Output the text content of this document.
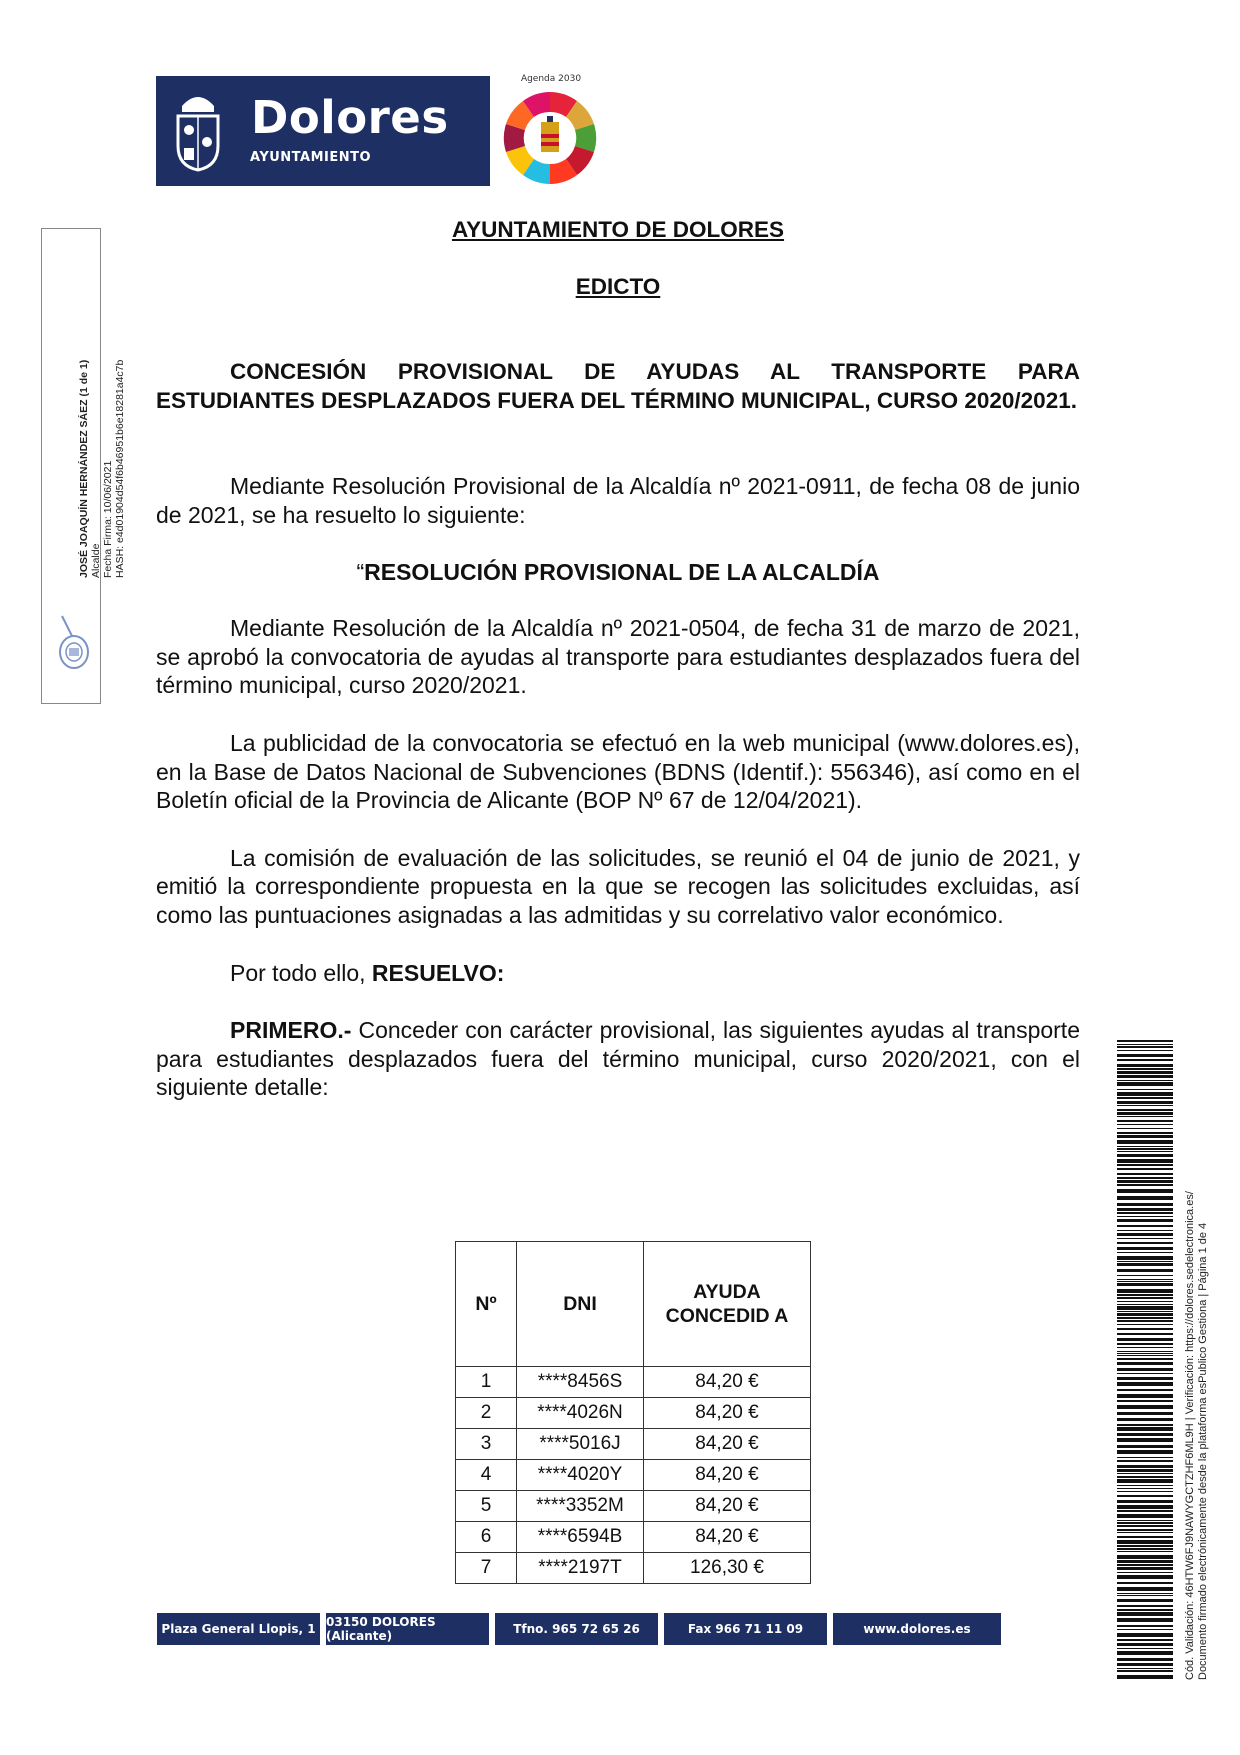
Dolores
AYUNTAMIENTO
Agenda 2030
JOSÉ JOAQUÍN HERNÁNDEZ SÁEZ (1 de 1) Alcalde Fecha Firma: 10/06/2021 HASH: e4d01904d54f6b46951b6e18281a4c7b
Cód. Validación: 46HTW6FJ9NAWYGCTZHF6ML9H | Verificación: https://dolores.sedelectronica.es/ Documento firmado electrónicamente desde la plataforma esPublico Gestiona | Página 1 de 4
AYUNTAMIENTO DE DOLORES
EDICTO
CONCESIÓN PROVISIONAL DE AYUDAS AL TRANSPORTE PARA ESTUDIANTES DESPLAZADOS FUERA DEL TÉRMINO MUNICIPAL, CURSO 2020/2021.

Mediante Resolución Provisional de la Alcaldía nº 2021-0911, de fecha 08 de junio de 2021, se ha resuelto lo siguiente:

“RESOLUCIÓN PROVISIONAL DE LA ALCALDÍA

Mediante Resolución de la Alcaldía nº 2021-0504, de fecha 31 de marzo de 2021, se aprobó la convocatoria de ayudas al transporte para estudiantes desplazados fuera del término municipal, curso 2020/2021.

La publicidad de la convocatoria se efectuó en la web municipal (www.dolores.es), en la Base de Datos Nacional de Subvenciones (BDNS (Identif.): 556346), así como en el Boletín oficial de la Provincia de Alicante (BOP Nº 67 de 12/04/2021).

La comisión de evaluación de las solicitudes, se reunió el 04 de junio de 2021, y emitió la correspondiente propuesta en la que se recogen las solicitudes excluidas, así como las puntuaciones asignadas a las admitidas y su correlativo valor económico.

Por todo ello, RESUELVO:

PRIMERO.- Conceder con carácter provisional, las siguientes ayudas al transporte para estudiantes desplazados fuera del término municipal, curso 2020/2021, con el siguiente detalle:

Nº	DNI	AYUDA CONCEDID A
1	****8456S	84,20 €
2	****4026N	84,20 €
3	****5016J	84,20 €
4	****4020Y	84,20 €
5	****3352M	84,20 €
6	****6594B	84,20 €
7	****2197T	126,30 €
Plaza General Llopis, 1 03150 DOLORES (Alicante)	Tfno. 965 72 65 26	Fax 966 71 11 09	www.dolores.es
